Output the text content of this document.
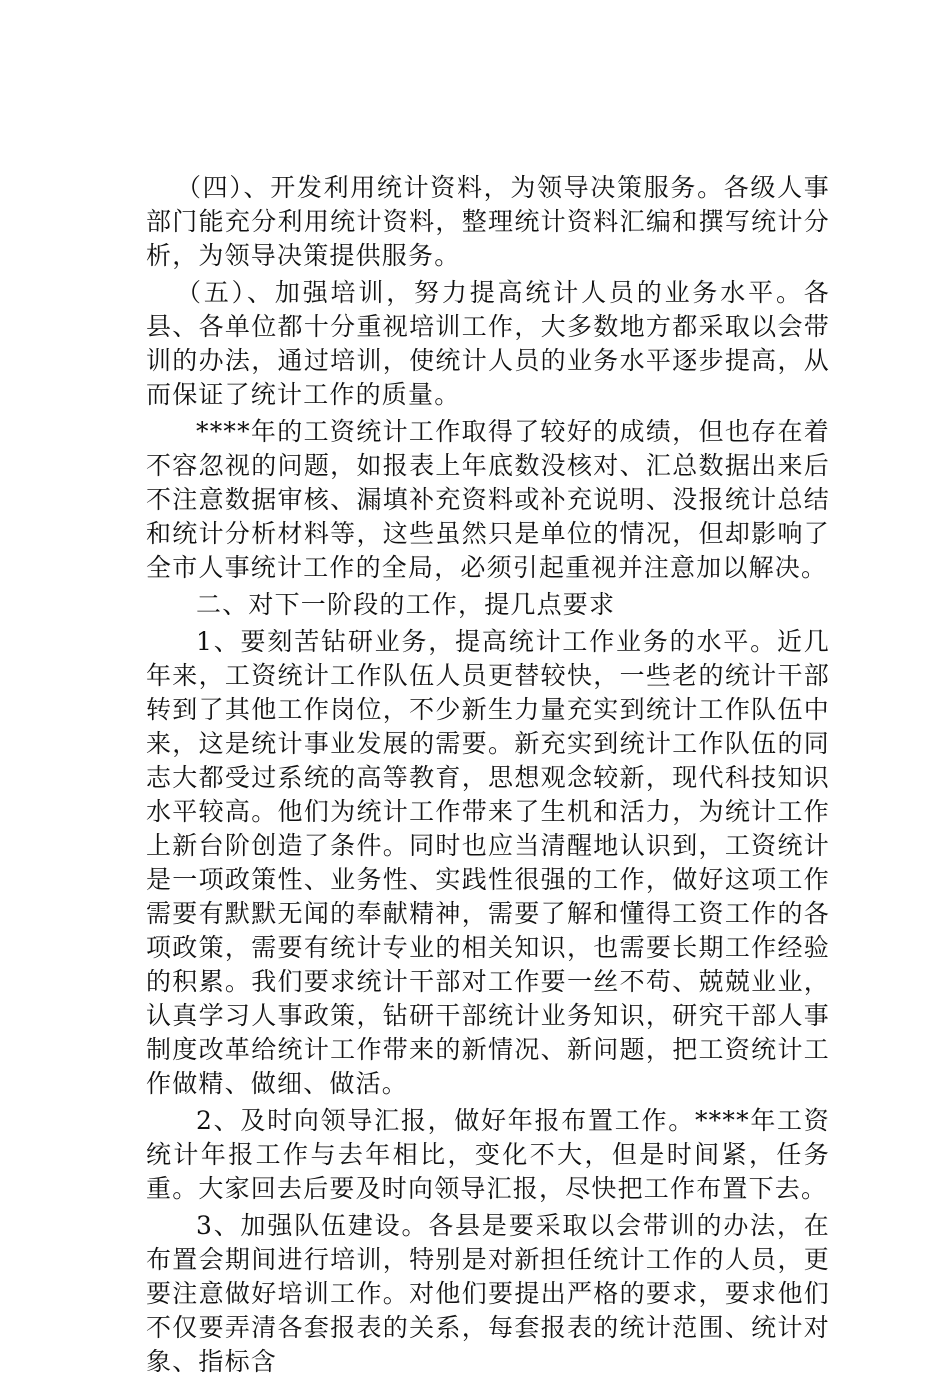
（四）、开发利用统计资料，为领导决策服务。各级人事部门能充分利用统计资料，整理统计资料汇编和撰写统计分析，为领导决策提供服务。

（五）、加强培训，努力提高统计人员的业务水平。各县、各单位都十分重视培训工作，大多数地方都采取以会带训的办法，通过培训，使统计人员的业务水平逐步提高，从而保证了统计工作的质量。

****年的工资统计工作取得了较好的成绩，但也存在着不容忽视的问题，如报表上年底数没核对、汇总数据出来后不注意数据审核、漏填补充资料或补充说明、没报统计总结和统计分析材料等，这些虽然只是单位的情况，但却影响了全市人事统计工作的全局，必须引起重视并注意加以解决。

二、对下一阶段的工作，提几点要求

1、要刻苦钻研业务，提高统计工作业务的水平。近几年来，工资统计工作队伍人员更替较快，一些老的统计干部转到了其他工作岗位，不少新生力量充实到统计工作队伍中来，这是统计事业发展的需要。新充实到统计工作队伍的同志大都受过系统的高等教育，思想观念较新，现代科技知识水平较高。他们为统计工作带来了生机和活力，为统计工作上新台阶创造了条件。同时也应当清醒地认识到，工资统计是一项政策性、业务性、实践性很强的工作，做好这项工作需要有默默无闻的奉献精神，需要了解和懂得工资工作的各项政策，需要有统计专业的相关知识，也需要长期工作经验的积累。我们要求统计干部对工作要一丝不苟、兢兢业业，认真学习人事政策，钻研干部统计业务知识，研究干部人事制度改革给统计工作带来的新情况、新问题，把工资统计工作做精、做细、做活。

2、及时向领导汇报，做好年报布置工作。****年工资统计年报工作与去年相比，变化不大，但是时间紧，任务重。大家回去后要及时向领导汇报，尽快把工作布置下去。

3、加强队伍建设。各县是要采取以会带训的办法，在布置会期间进行培训，特别是对新担任统计工作的人员，更要注意做好培训工作。对他们要提出严格的要求，要求他们不仅要弄清各套报表的关系，每套报表的统计范围、统计对象、指标含
